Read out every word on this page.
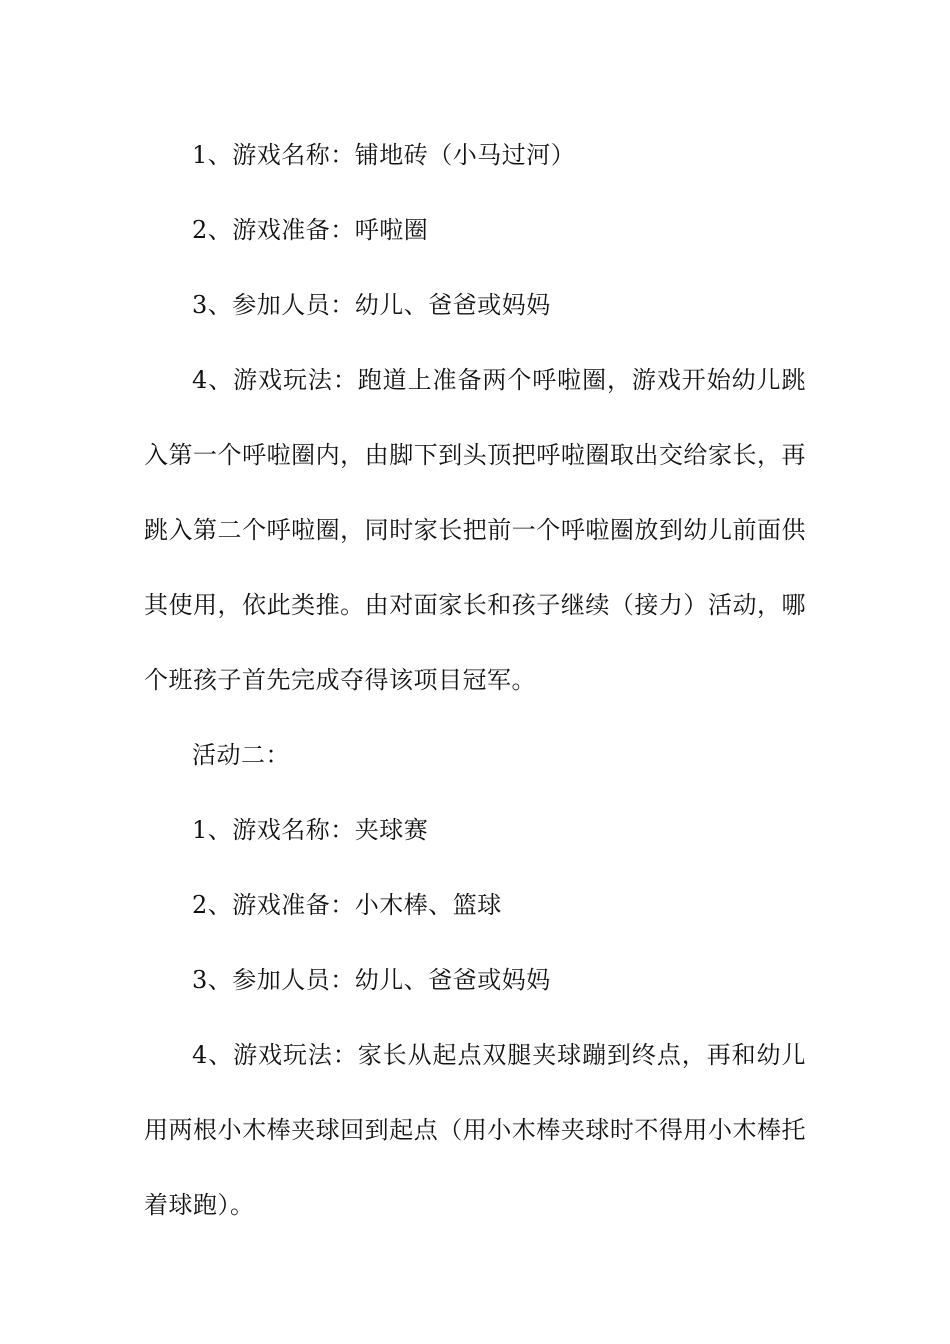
1、游戏名称：铺地砖（小马过河）

2、游戏准备：呼啦圈

3、参加人员：幼儿、爸爸或妈妈

4、游戏玩法：跑道上准备两个呼啦圈，游戏开始幼儿跳入第一个呼啦圈内，由脚下到头顶把呼啦圈取出交给家长，再跳入第二个呼啦圈，同时家长把前一个呼啦圈放到幼儿前面供其使用，依此类推。由对面家长和孩子继续（接力）活动，哪个班孩子首先完成夺得该项目冠军。

活动二：

1、游戏名称：夹球赛

2、游戏准备：小木棒、篮球

3、参加人员：幼儿、爸爸或妈妈

4、游戏玩法：家长从起点双腿夹球蹦到终点，再和幼儿用两根小木棒夹球回到起点（用小木棒夹球时不得用小木棒托着球跑）。
